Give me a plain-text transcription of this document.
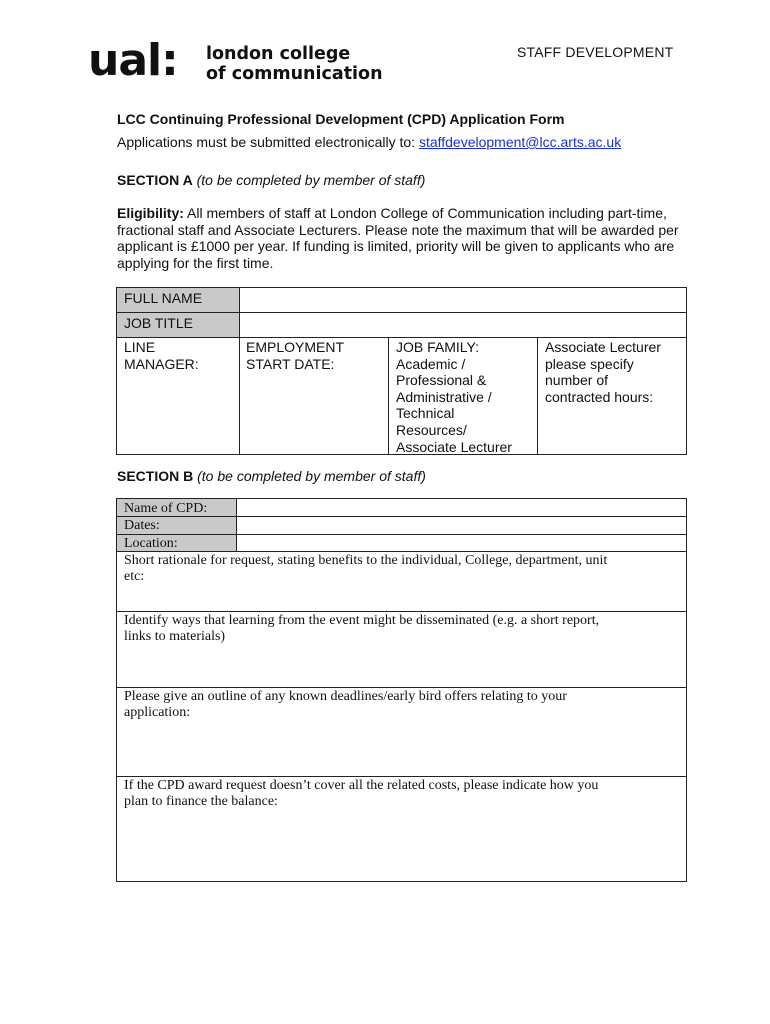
ual: london college
of communication
STAFF DEVELOPMENT
LCC Continuing Professional Development (CPD) Application Form
Applications must be submitted electronically to: staffdevelopment@lcc.arts.ac.uk
SECTION A (to be completed by member of staff)
Eligibility: All members of staff at London College of Communication including part-time, fractional staff and Associate Lecturers. Please note the maximum that will be awarded per applicant is £1000 per year. If funding is limited, priority will be given to applicants who are applying for the first time.
FULL NAME
JOB TITLE
LINE
MANAGER:
EMPLOYMENT
START DATE:
JOB FAMILY:
Academic /
Professional &
Administrative /
Technical
Resources/
Associate Lecturer
Associate Lecturer
please specify
number of
contracted hours:
SECTION B (to be completed by member of staff)
Name of CPD:
Dates:
Location:
Short rationale for request, stating benefits to the individual, College, department, unit
etc:
Identify ways that learning from the event might be disseminated (e.g. a short report,
links to materials)
Please give an outline of any known deadlines/early bird offers relating to your
application:
If the CPD award request doesn’t cover all the related costs, please indicate how you
plan to finance the balance:
